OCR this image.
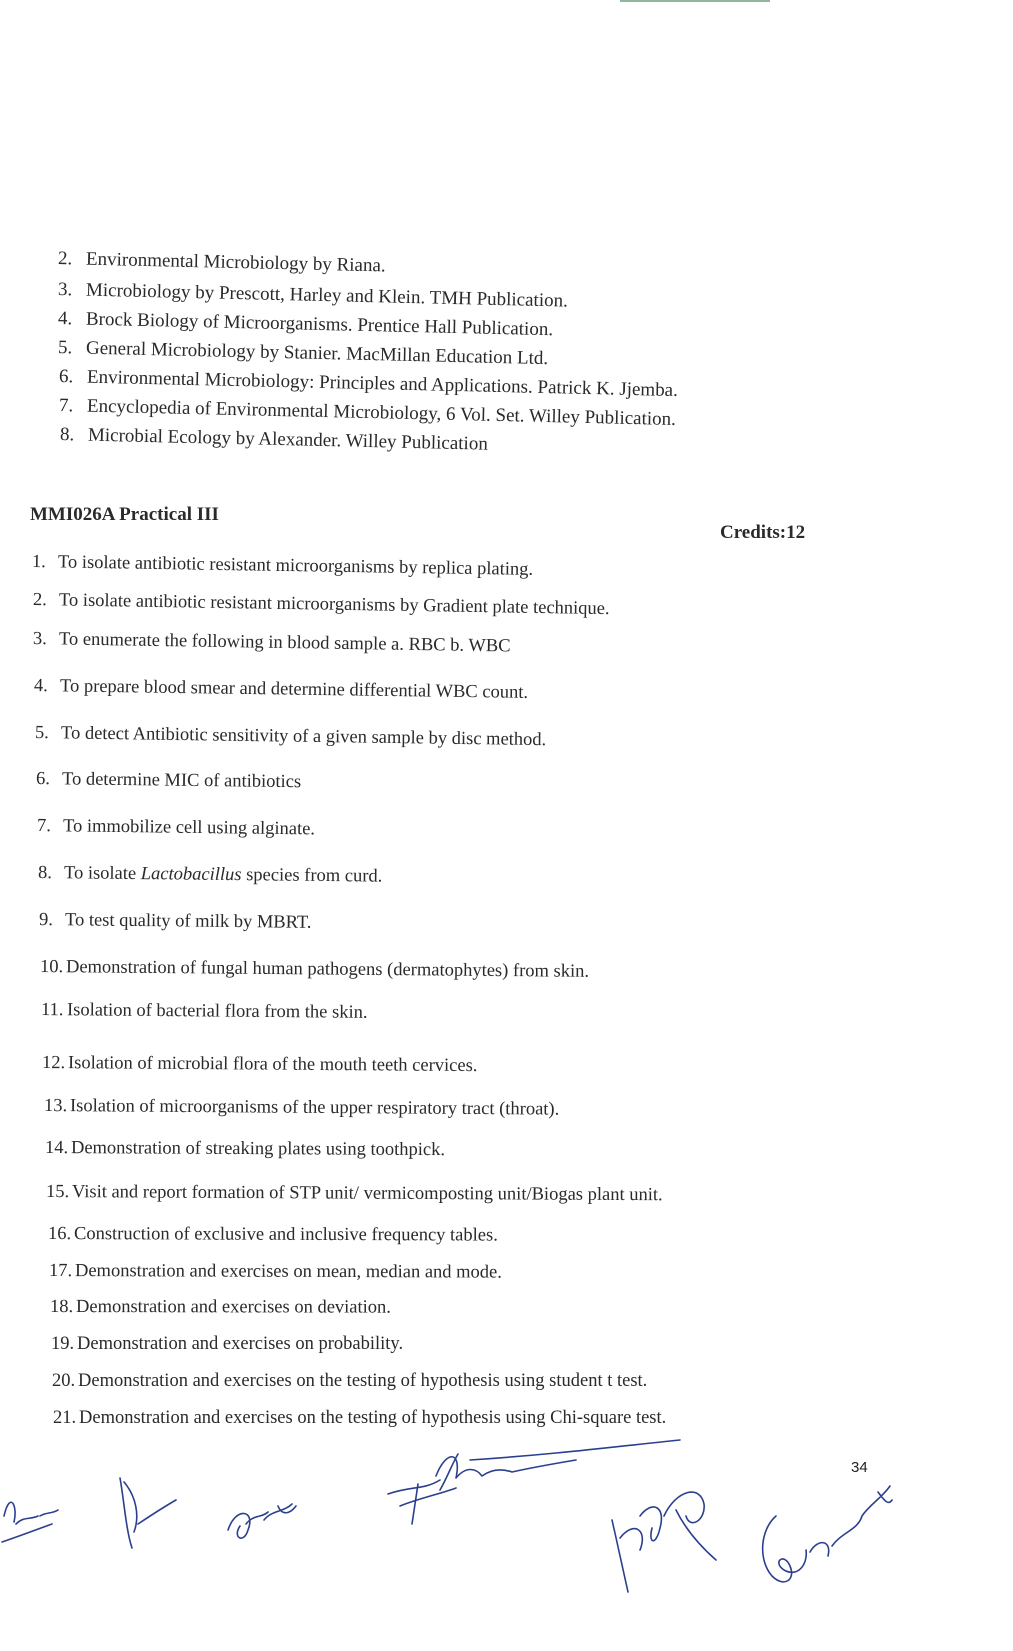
2. Environmental Microbiology by Riana.
3. Microbiology by Prescott, Harley and Klein. TMH Publication.
4. Brock Biology of Microorganisms. Prentice Hall Publication.
5. General Microbiology by Stanier. MacMillan Education Ltd.
6. Environmental Microbiology: Principles and Applications. Patrick K. Jjemba.
7. Encyclopedia of Environmental Microbiology, 6 Vol. Set. Willey Publication.
8. Microbial Ecology by Alexander. Willey Publication
MMI026A Practical III
Credits:12
1. To isolate antibiotic resistant microorganisms by replica plating.
2. To isolate antibiotic resistant microorganisms by Gradient plate technique.
3. To enumerate the following in blood sample a. RBC b. WBC
4. To prepare blood smear and determine differential WBC count.
5. To detect Antibiotic sensitivity of a given sample by disc method.
6. To determine MIC of antibiotics
7. To immobilize cell using alginate.
8. To isolate Lactobacillus species from curd.
9. To test quality of milk by MBRT.
10. Demonstration of fungal human pathogens (dermatophytes) from skin.
11. Isolation of bacterial flora from the skin.
12. Isolation of microbial flora of the mouth teeth cervices.
13. Isolation of microorganisms of the upper respiratory tract (throat).
14. Demonstration of streaking plates using toothpick.
15. Visit and report formation of STP unit/ vermicomposting unit/Biogas plant unit.
16. Construction of exclusive and inclusive frequency tables.
17. Demonstration and exercises on mean, median and mode.
18. Demonstration and exercises on deviation.
19. Demonstration and exercises on probability.
20. Demonstration and exercises on the testing of hypothesis using student t test.
21. Demonstration and exercises on the testing of hypothesis using Chi-square test.
34
